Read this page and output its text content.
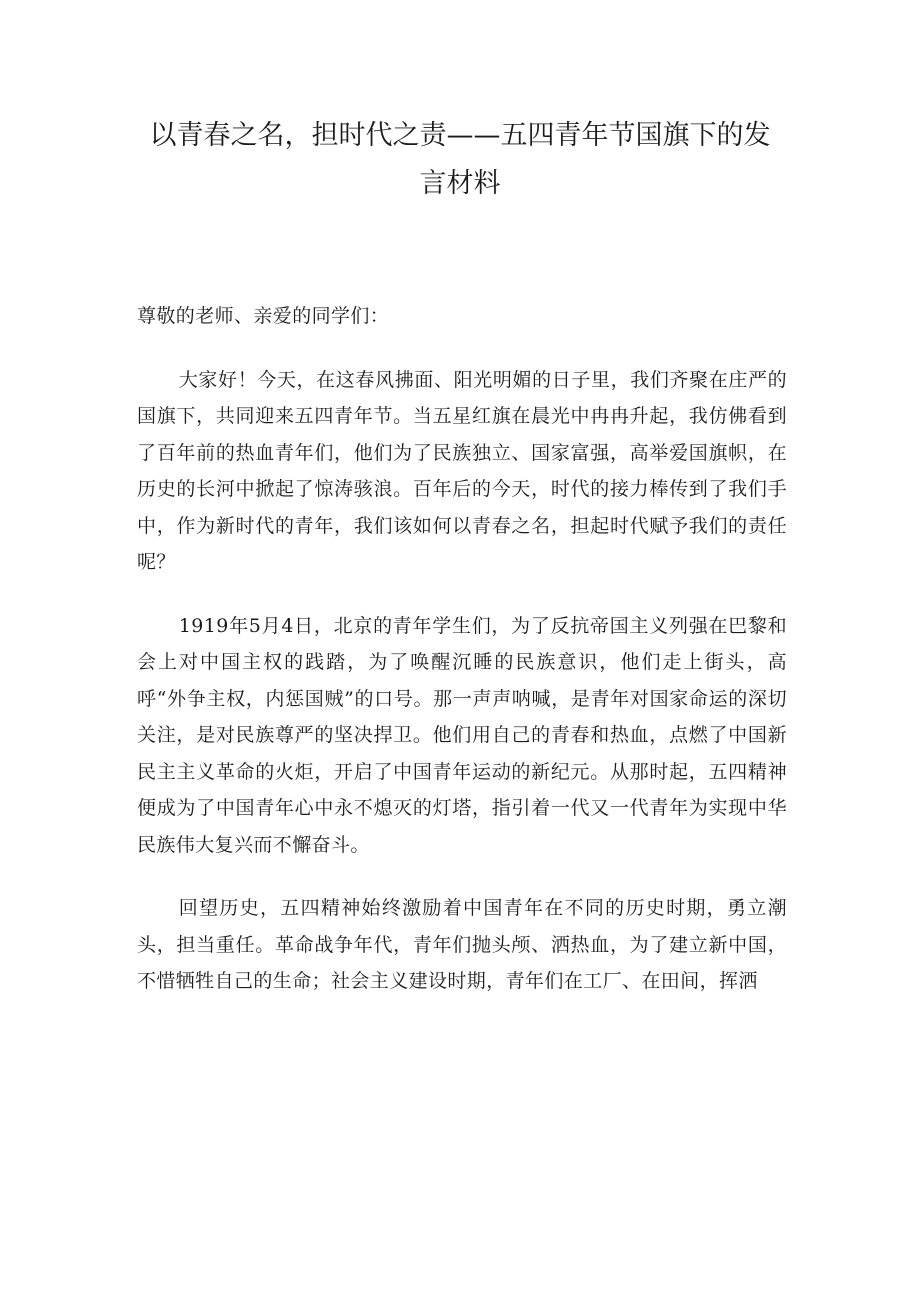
以青春之名，担时代之责——五四青年节国旗下的发
言材料

尊敬的老师、亲爱的同学们：

大家好！今天，在这春风拂面、阳光明媚的日子里，我们齐聚在庄严的国旗下，共同迎来五四青年节。当五星红旗在晨光中冉冉升起，我仿佛看到了百年前的热血青年们，他们为了民族独立、国家富强，高举爱国旗帜，在历史的长河中掀起了惊涛骇浪。百年后的今天，时代的接力棒传到了我们手中，作为新时代的青年，我们该如何以青春之名，担起时代赋予我们的责任呢？

1919年5月4日，北京的青年学生们，为了反抗帝国主义列强在巴黎和会上对中国主权的践踏，为了唤醒沉睡的民族意识，他们走上街头，高呼“外争主权，内惩国贼”的口号。那一声声呐喊，是青年对国家命运的深切关注，是对民族尊严的坚决捍卫。他们用自己的青春和热血，点燃了中国新民主主义革命的火炬，开启了中国青年运动的新纪元。从那时起，五四精神便成为了中国青年心中永不熄灭的灯塔，指引着一代又一代青年为实现中华民族伟大复兴而不懈奋斗。

回望历史，五四精神始终激励着中国青年在不同的历史时期，勇立潮头，担当重任。革命战争年代，青年们抛头颅、洒热血，为了建立新中国，不惜牺牲自己的生命；社会主义建设时期，青年们在工厂、在田间，挥洒
